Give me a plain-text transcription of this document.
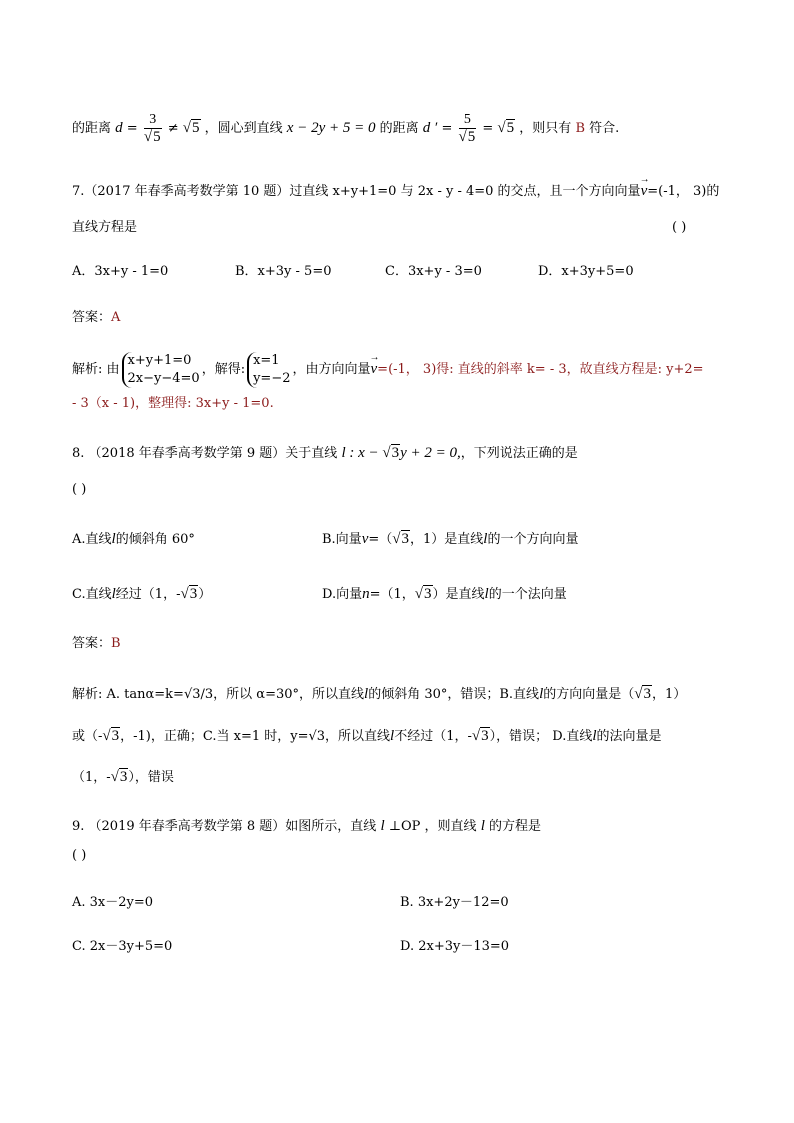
的距离 $d = \frac{3}{√5} \ne √5$ ，圆心到直线 x − 2y + 5 = 0 的距离 d ′ = $\frac{5}{√5} = √5$ ，则只有 B 符合.
7.（2017 年春季高考数学第 10 题）过直线 x+y+1=0 与 2x - y - 4=0 的交点，且一个方向向量→ v=(-1， 3)的
直线方程是	( )
A．3x+y - 1=0	B．x+3y - 5=0	C．3x+y - 3=0	D．x+3y+5=0
答案：A
解析: 由
x+y+1=0
2x−y−4=0
，解得:
x=1
y=−2
，由方向向量→ v=(-1， 3)得: 直线的斜率 k= - 3，故直线方程是: y+2=
- 3（x - 1)，整理得: 3x+y - 1=0.
8. （2018 年春季高考数学第 9 题）关于直线 l : x − √3y + 2 = 0,，下列说法正确的是
( )
A.直线l的倾斜角 60°	B.向量v=（√3，1）是直线l的一个方向向量
C.直线l经过（1，-√3）	D.向量n=（1，√3）是直线l的一个法向量
答案：B
解析: A. tanα=k=√3/3，所以 α=30°，所以直线l的倾斜角 30°，错误；B.直线l的方向向量是（√3，1）
或（-√3，-1)，正确；C.当 x=1 时，y=√3，所以直线l不经过（1，-√3），错误； D.直线l的法向量是
（1，-√3），错误
9. （2019 年春季高考数学第 8 题）如图所示，直线 l ⊥OP ，则直线 l 的方程是
( )
A. 3x－2y=0	B. 3x+2y－12=0
C. 2x－3y+5=0	D. 2x+3y－13=0
